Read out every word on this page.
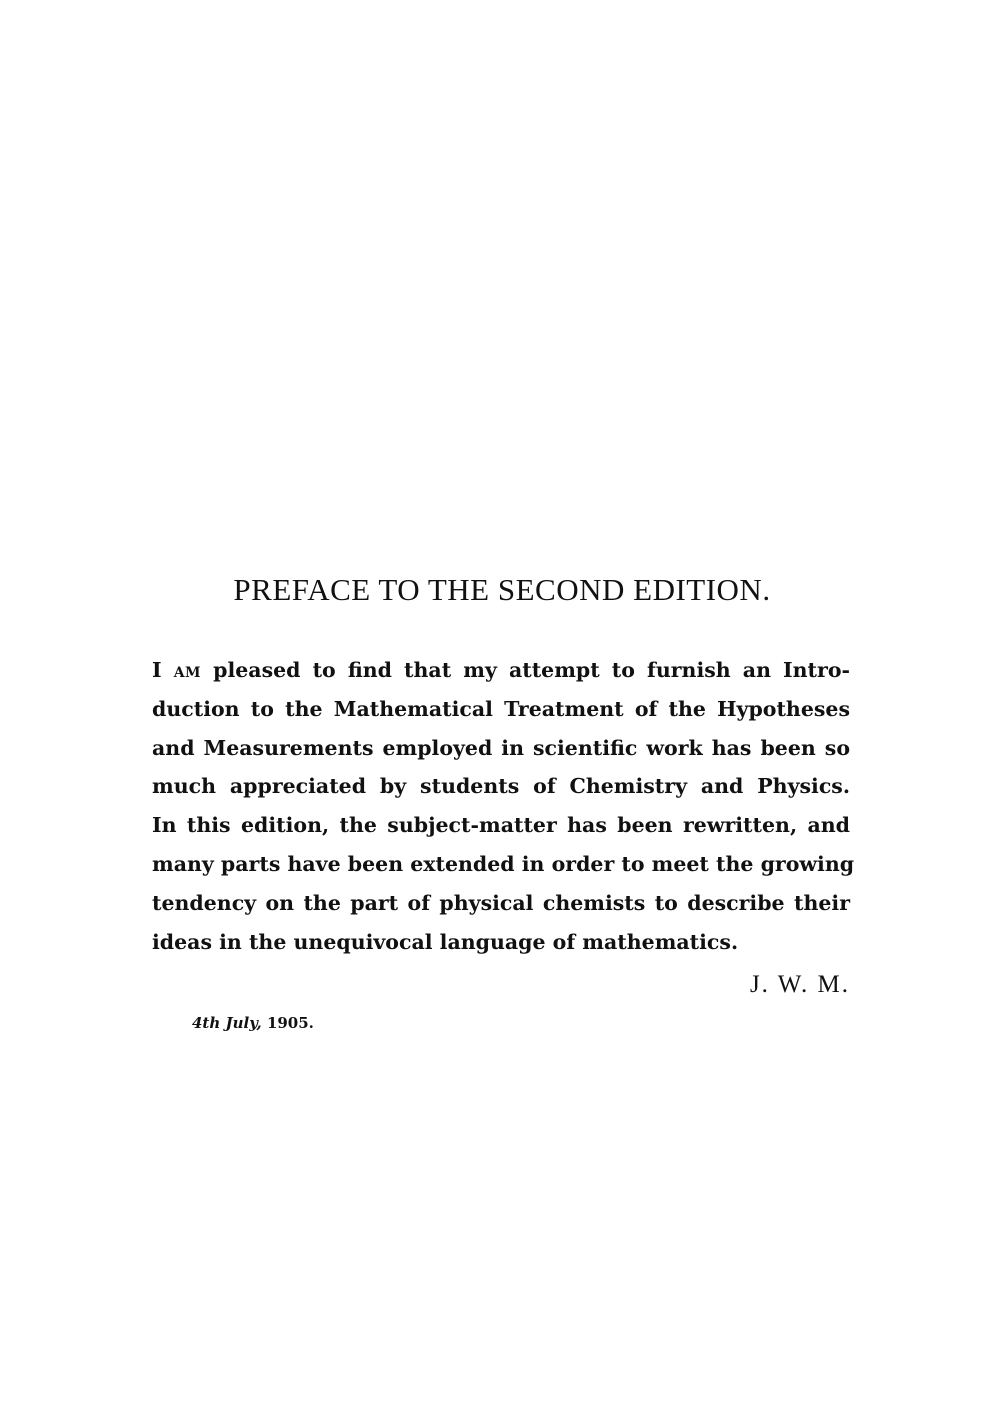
PREFACE TO THE SECOND EDITION.
I AM pleased to find that my attempt to furnish an Intro-
duction to the Mathematical Treatment of the Hypotheses
and Measurements employed in scientific work has been so
much appreciated by students of Chemistry and Physics.
In this edition, the subject-matter has been rewritten, and
many parts have been extended in order to meet the growing
tendency on the part of physical chemists to describe their
ideas in the unequivocal language of mathematics.

J. W. M.

4th July, 1905.
